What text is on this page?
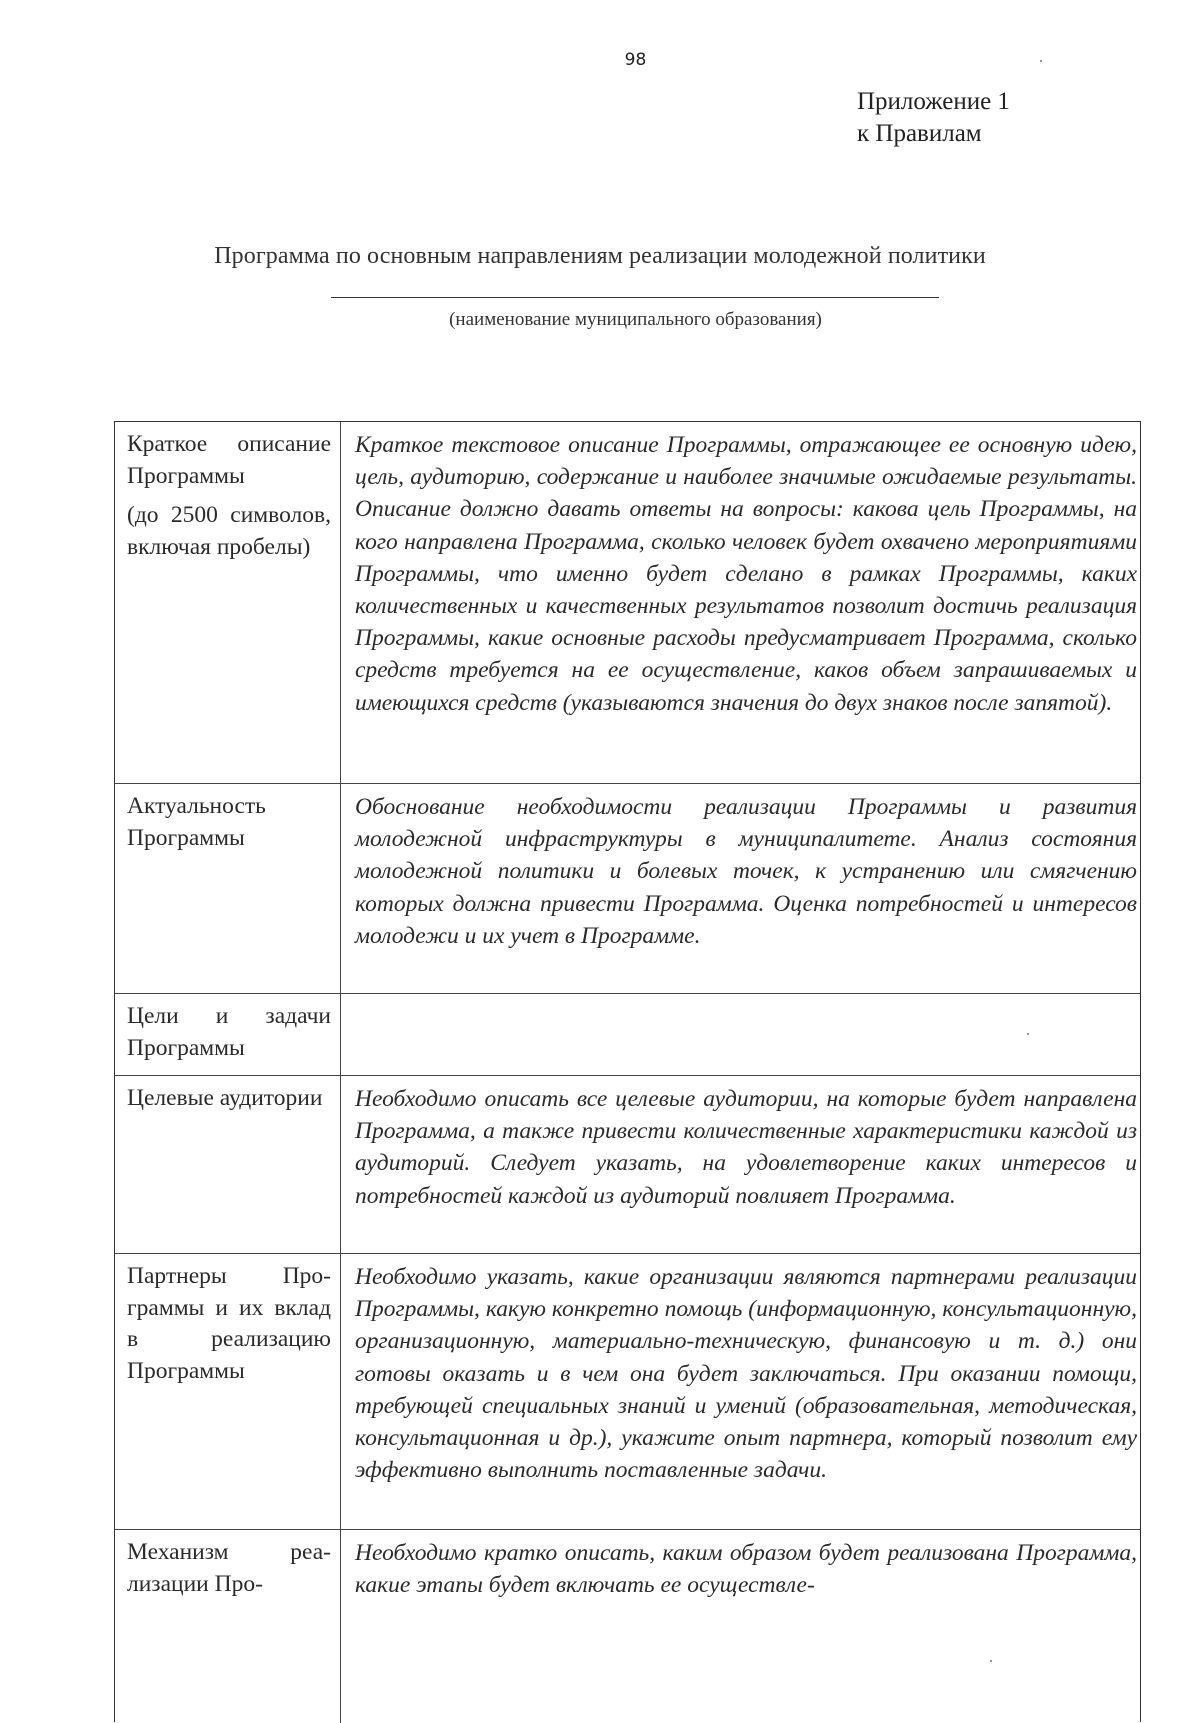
98
Приложение 1
к Правилам
Программа по основным направлениям реализации молодежной политики
(наименование муниципального образования)

Краткое описание Программы

(до 2500 символов, включая пробелы)

Краткое текстовое описание Программы, отражающее ее основную идею, цель, аудиторию, содержание и наиболее значимые ожидаемые результаты. Описание должно давать ответы на вопросы: какова цель Программы, на кого направлена Программа, сколько человек будет охвачено мероприятиями Программы, что именно будет сделано в рамках Программы, каких количественных и качественных результатов позволит достичь реализация Программы, какие основные расходы предусматривает Программа, сколько средств требуется на ее осуществление, каков объем запрашиваемых и имеющихся средств (указываются значения до двух знаков после запятой).
Актуальность Программы
Обоснование необходимости реализации Программы и развития молодежной инфраструктуры в муниципалитете. Анализ состояния молодежной политики и болевых точек, к устранению или смягчению которых должна привести Программа. Оценка потребностей и интересов молодежи и их учет в Программе.
Цели и задачи Программы
Целевые аудитории	Необходимо описать все целевые аудитории, на которые будет направлена Программа, а также привести количественные характеристики каждой из аудиторий. Следует указать, на удовлетворение каких интересов и потребностей каждой из аудиторий повлияет Программа.
Партнеры Программы и их вклад в реализацию Программы
Необходимо указать, какие организации являются партнерами реализации Программы, какую конкретно помощь (информационную, консультационную, организационную, материально-техническую, финансовую и т. д.) они готовы оказать и в чем она будет заключаться. При оказании помощи, требующей специальных знаний и умений (образовательная, методическая, консультационная и др.), укажите опыт партнера, который позволит ему эффективно выполнить поставленные задачи.
Механизм реализации Про-
Необходимо кратко описать, каким образом будет реализована Программа, какие этапы будет включать ее осуществле-
